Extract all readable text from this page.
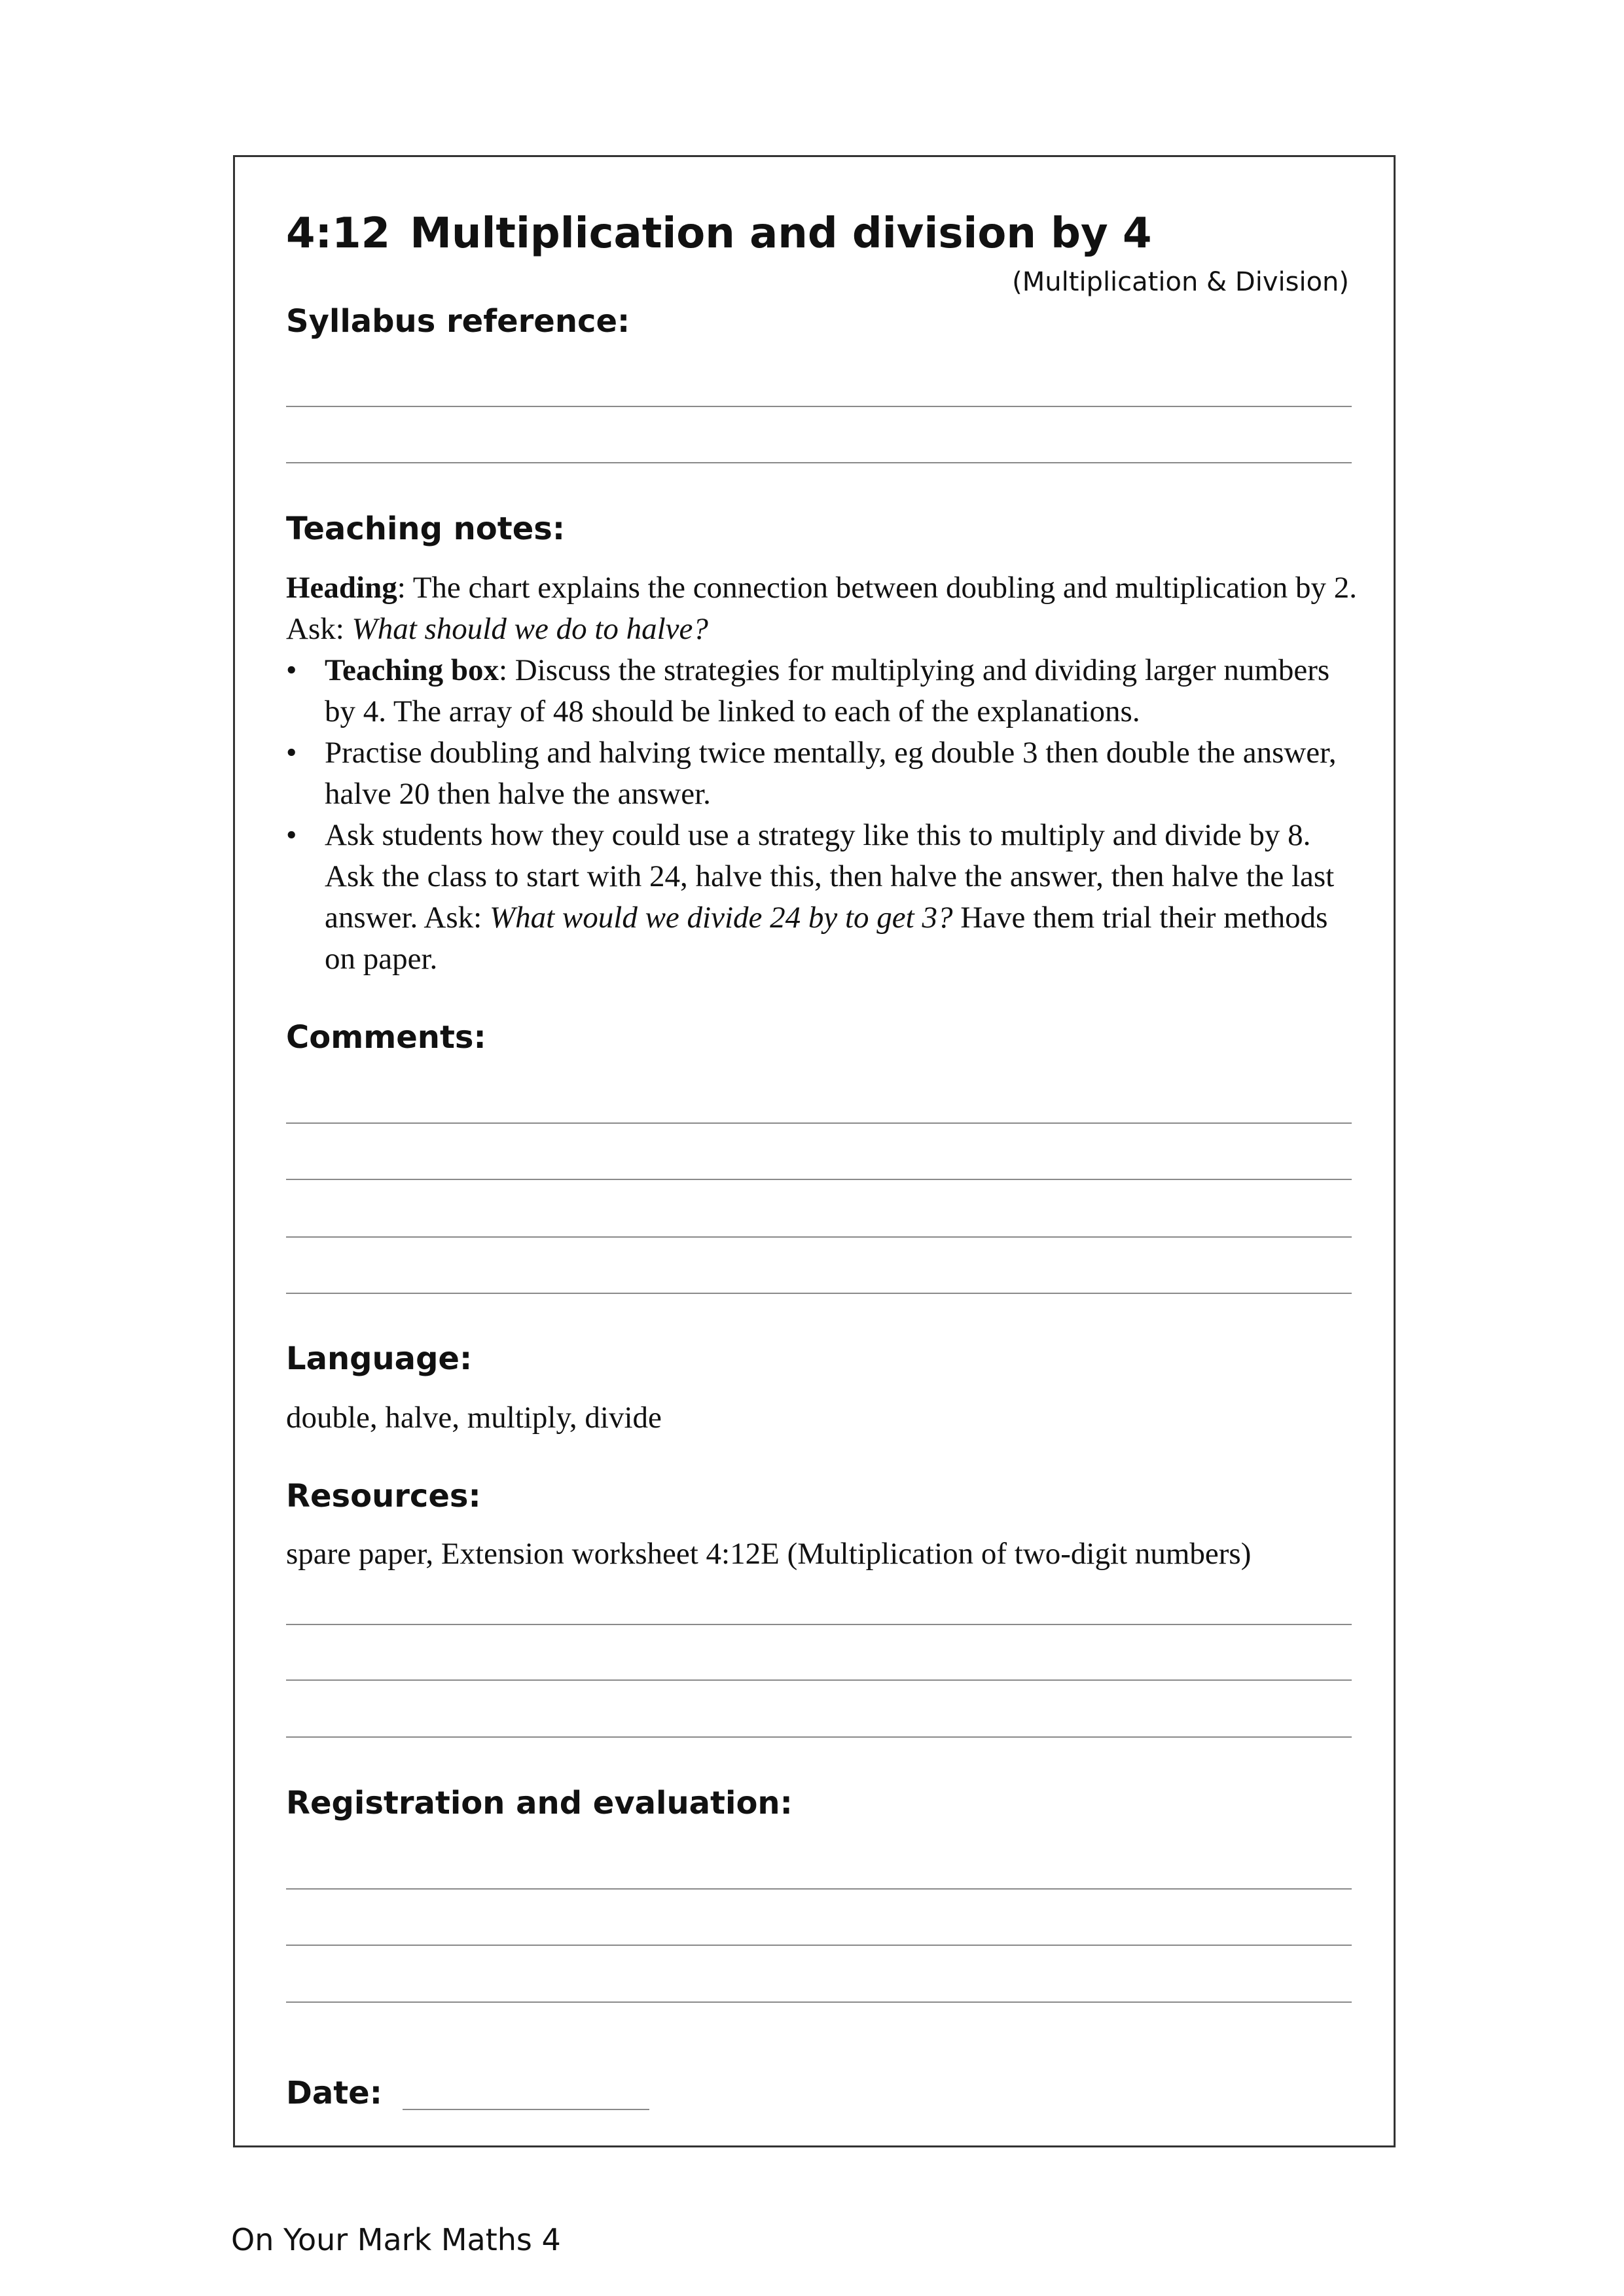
4:12 Multiplication and division by 4
(Multiplication & Division)
Syllabus reference:
Teaching notes:

Heading: The chart explains the connection between doubling and multiplication by 2. Ask: What should we do to halve?

• Teaching box: Discuss the strategies for multiplying and dividing larger numbers by 4. The array of 48 should be linked to each of the explanations.
• Practise doubling and halving twice mentally, eg double 3 then double the answer, halve 20 then halve the answer.
• Ask students how they could use a strategy like this to multiply and divide by 8. Ask the class to start with 24, halve this, then halve the answer, then halve the last answer. Ask: What would we divide 24 by to get 3? Have them trial their methods on paper.
Comments:
Language:
double, halve, multiply, divide
Resources:
spare paper, Extension worksheet 4:12E (Multiplication of two-digit numbers)
Registration and evaluation:
Date:
On Your Mark Maths 4
